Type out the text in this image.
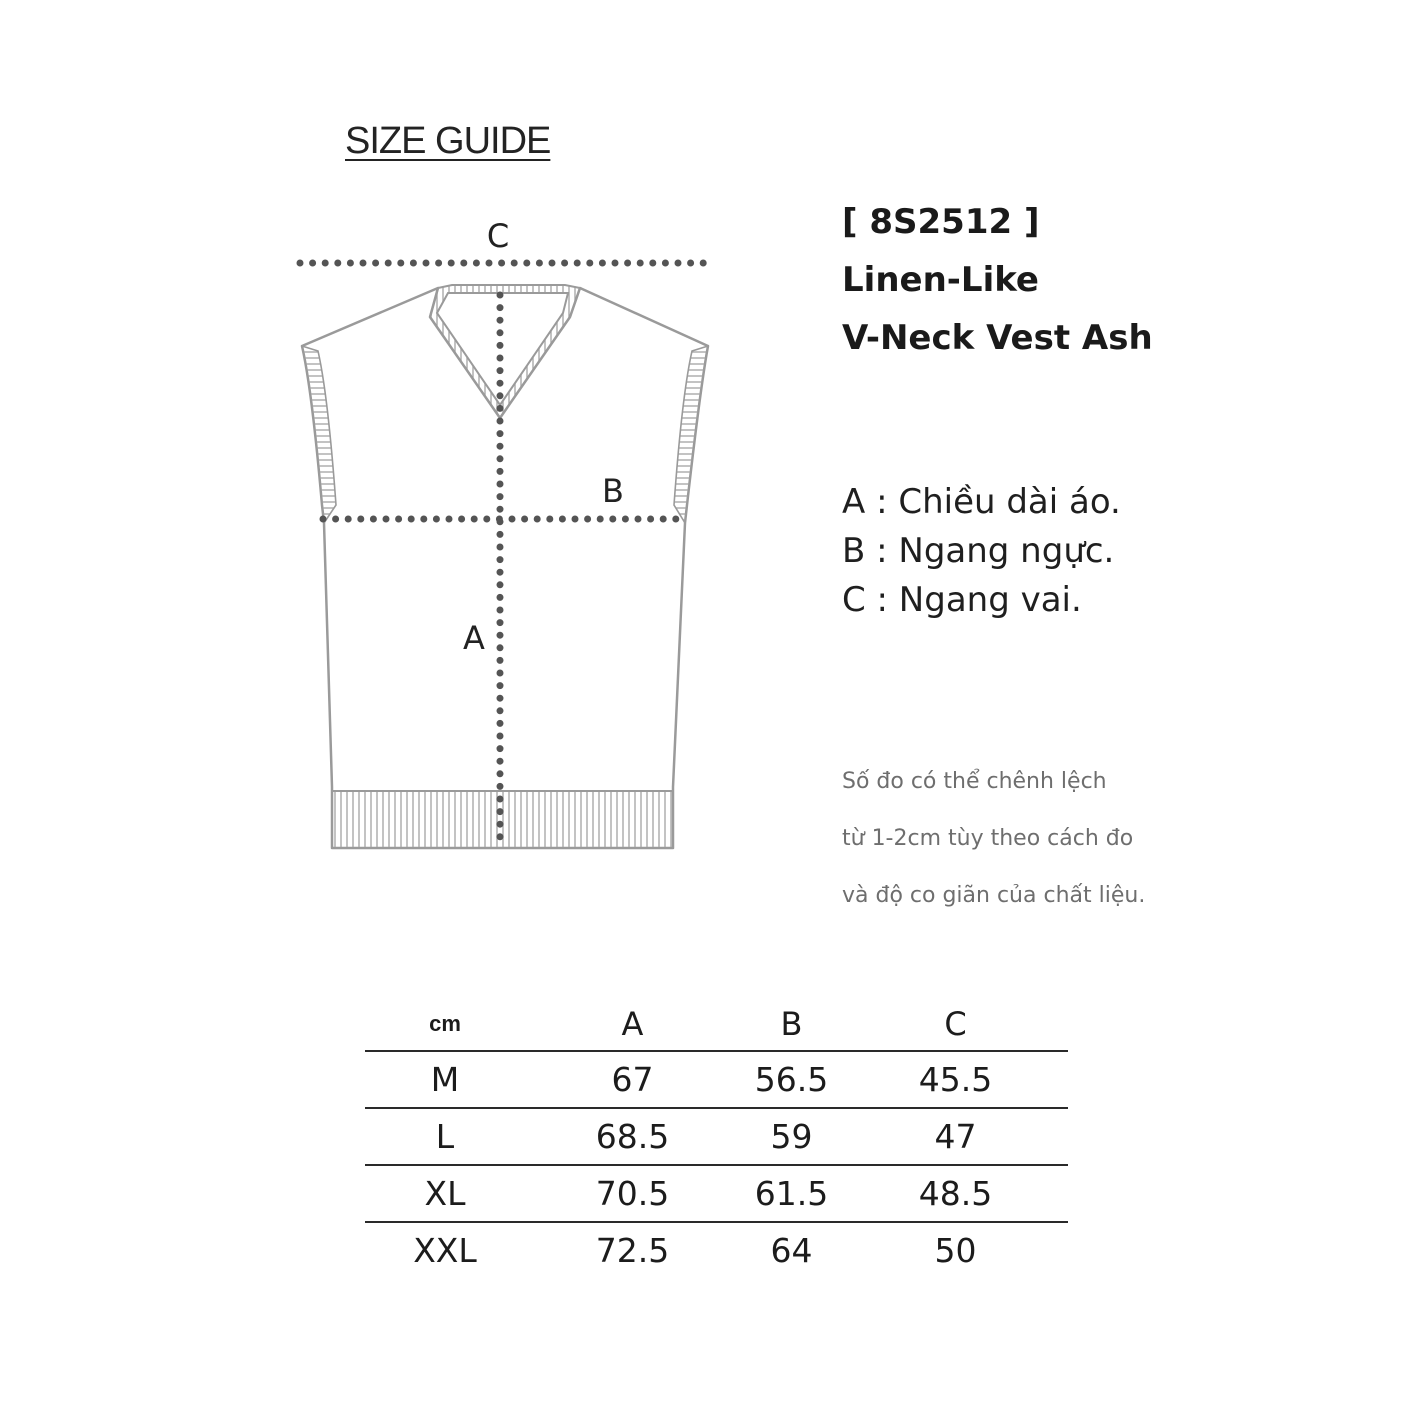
SIZE GUIDE
C
B
A
[ 8S2512 ]
Linen-Like
V-Neck Vest Ash
A : Chiều dài áo.
B : Ngang ngực.
C : Ngang vai.
Số đo có thể chênh lệch
từ 1-2cm tùy theo cách đo
và độ co giãn của chất liệu.
cm	A	B	C
M	67	56.5	45.5
L	68.5	59	47
XL	70.5	61.5	48.5
XXL	72.5	64	50
